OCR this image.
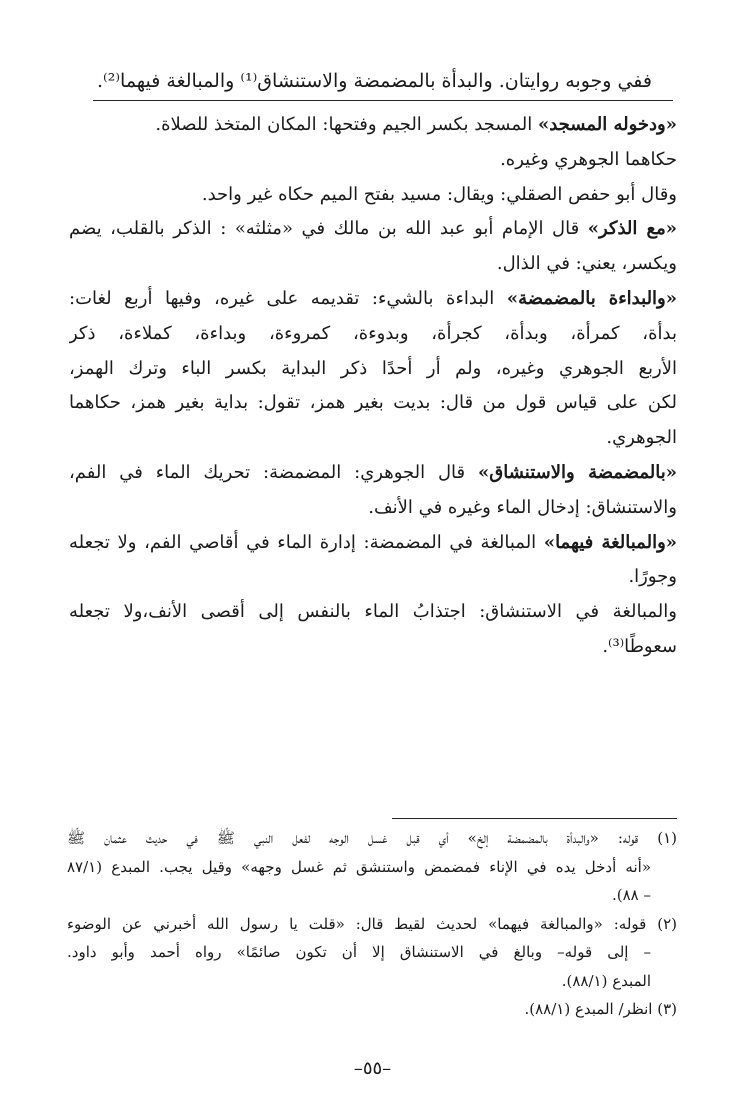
ففي وجوبه روايتان. والبدأة بالمضمضة والاستنشاق⁽¹⁾ والمبالغة فيهما⁽²⁾.
«ودخوله المسجد» المسجد بكسر الجيم وفتحها: المكان المتخذ للصلاة.
حكاهما الجوهري وغيره.
وقال أبو حفص الصقلي: ويقال: مسيد بفتح الميم حكاه غير واحد.
«مع الذكر» قال الإمام أبو عبد الله بن مالك في «مثلثه» : الذكر بالقلب، يضم
ويكسر، يعني: في الذال.
«والبداءة بالمضمضة» البداءة بالشيء: تقديمه على غيره، وفيها أربع لغات:
بدأة، كمرأة، وبدأة، كجرأة، وبدوءة، كمروءة، وبداءة، كملاءة، ذكر
الأربع الجوهري وغيره، ولم أر أحدًا ذكر البداية بكسر الباء وترك الهمز،
لكن على قياس قول من قال: بديت بغير همز، تقول: بداية بغير همز، حكاهما
الجوهري.
«بالمضمضة والاستنشاق» قال الجوهري: المضمضة: تحريك الماء في الفم،
والاستنشاق: إدخال الماء وغيره في الأنف.
«والمبالغة فيهما» المبالغة في المضمضة: إدارة الماء في أقاصي الفم، ولا تجعله
وجورًا.
والمبالغة في الاستنشاق: اجتذابُ الماء بالنفس إلى أقصى الأنف،ولا تجعله
سعوطًا⁽³⁾.
(١) قوله: «والبدأة بالمضمضة إلخ» أي قبل غسل الوجه لفعل النبي ﷺ في حديث عثمان ﷺ
«أنه أدخل يده في الإناء فمضمض واستنشق ثم غسل وجهه» وقيل يجب. المبدع (٨٧/١
– ٨٨).
(٢) قوله: «والمبالغة فيهما» لحديث لقيط قال: «قلت يا رسول الله أخبرني عن الوضوء
– إلى قوله– وبالغ في الاستنشاق إلا أن تكون صائمًا» رواه أحمد وأبو داود.
المبدع (٨٨/١).
(٣) انظر/ المبدع (٨٨/١).
–٥٥–
